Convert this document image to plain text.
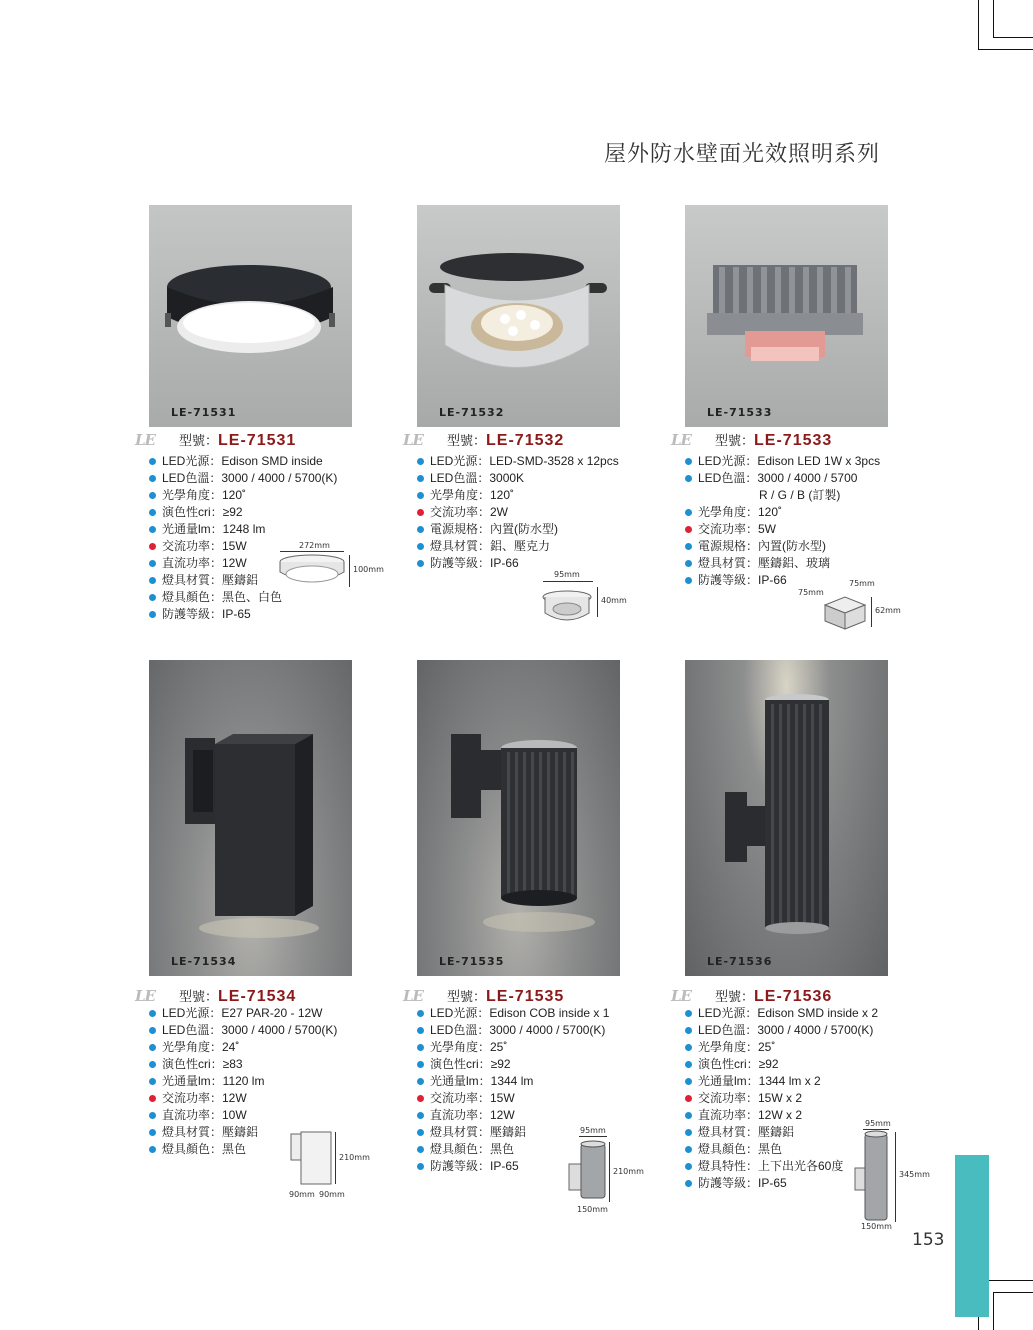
屋外防水壁面光效照明系列
LE-71531
LE 型號：LE-71531
LED光源：Edison SMD inside
LED色溫：3000 / 4000 / 5700(K)
光學角度：120˚
演色性cri：≥92
光通量lm：1248 lm
交流功率：15W
直流功率：12W
燈具材質：壓鑄鋁
燈具顏色：黑色、白色
防護等級：IP-65
272mm
100mm
LE-71532
LE 型號：LE-71532
LED光源：LED-SMD-3528 x 12pcs
LED色溫：3000K
光學角度：120˚
交流功率：2W
電源規格：內置(防水型)
燈具材質：鋁、壓克力
防護等級：IP-66
95mm
40mm
LE-71533
LE 型號：LE-71533
LED光源：Edison LED 1W x 3pcs
LED色溫：3000 / 4000 / 5700
R / G / B (訂製)
光學角度：120˚
交流功率：5W
電源規格：內置(防水型)
燈具材質：壓鑄鋁、玻璃
防護等級：IP-66	75mm
75mm
62mm
LE-71534
LE 型號：LE-71534
LED光源：E27 PAR-20 - 12W
LED色溫：3000 / 4000 / 5700(K)
光學角度：24˚
演色性cri：≥83
光通量lm：1120 lm
交流功率：12W
直流功率：10W
燈具材質：壓鑄鋁
燈具顏色：黑色
210mm
90mm 90mm
LE-71535
LE 型號：LE-71535
LED光源：Edison COB inside x 1
LED色溫：3000 / 4000 / 5700(K)
光學角度：25˚
演色性cri：≥92
光通量lm：1344 lm
交流功率：15W
直流功率：12W
燈具材質：壓鑄鋁
燈具顏色：黑色
防護等級：IP-65
95mm
210mm
150mm
LE-71536
LE 型號：LE-71536
LED光源：Edison SMD inside x 2
LED色溫：3000 / 4000 / 5700(K)
光學角度：25˚
演色性cri：≥92
光通量lm：1344 lm x 2
交流功率：15W x 2
直流功率：12W x 2
燈具材質：壓鑄鋁
燈具顏色：黑色
燈具特性：上下出光各60度
防護等級：IP-65
95mm
345mm
150mm
153
